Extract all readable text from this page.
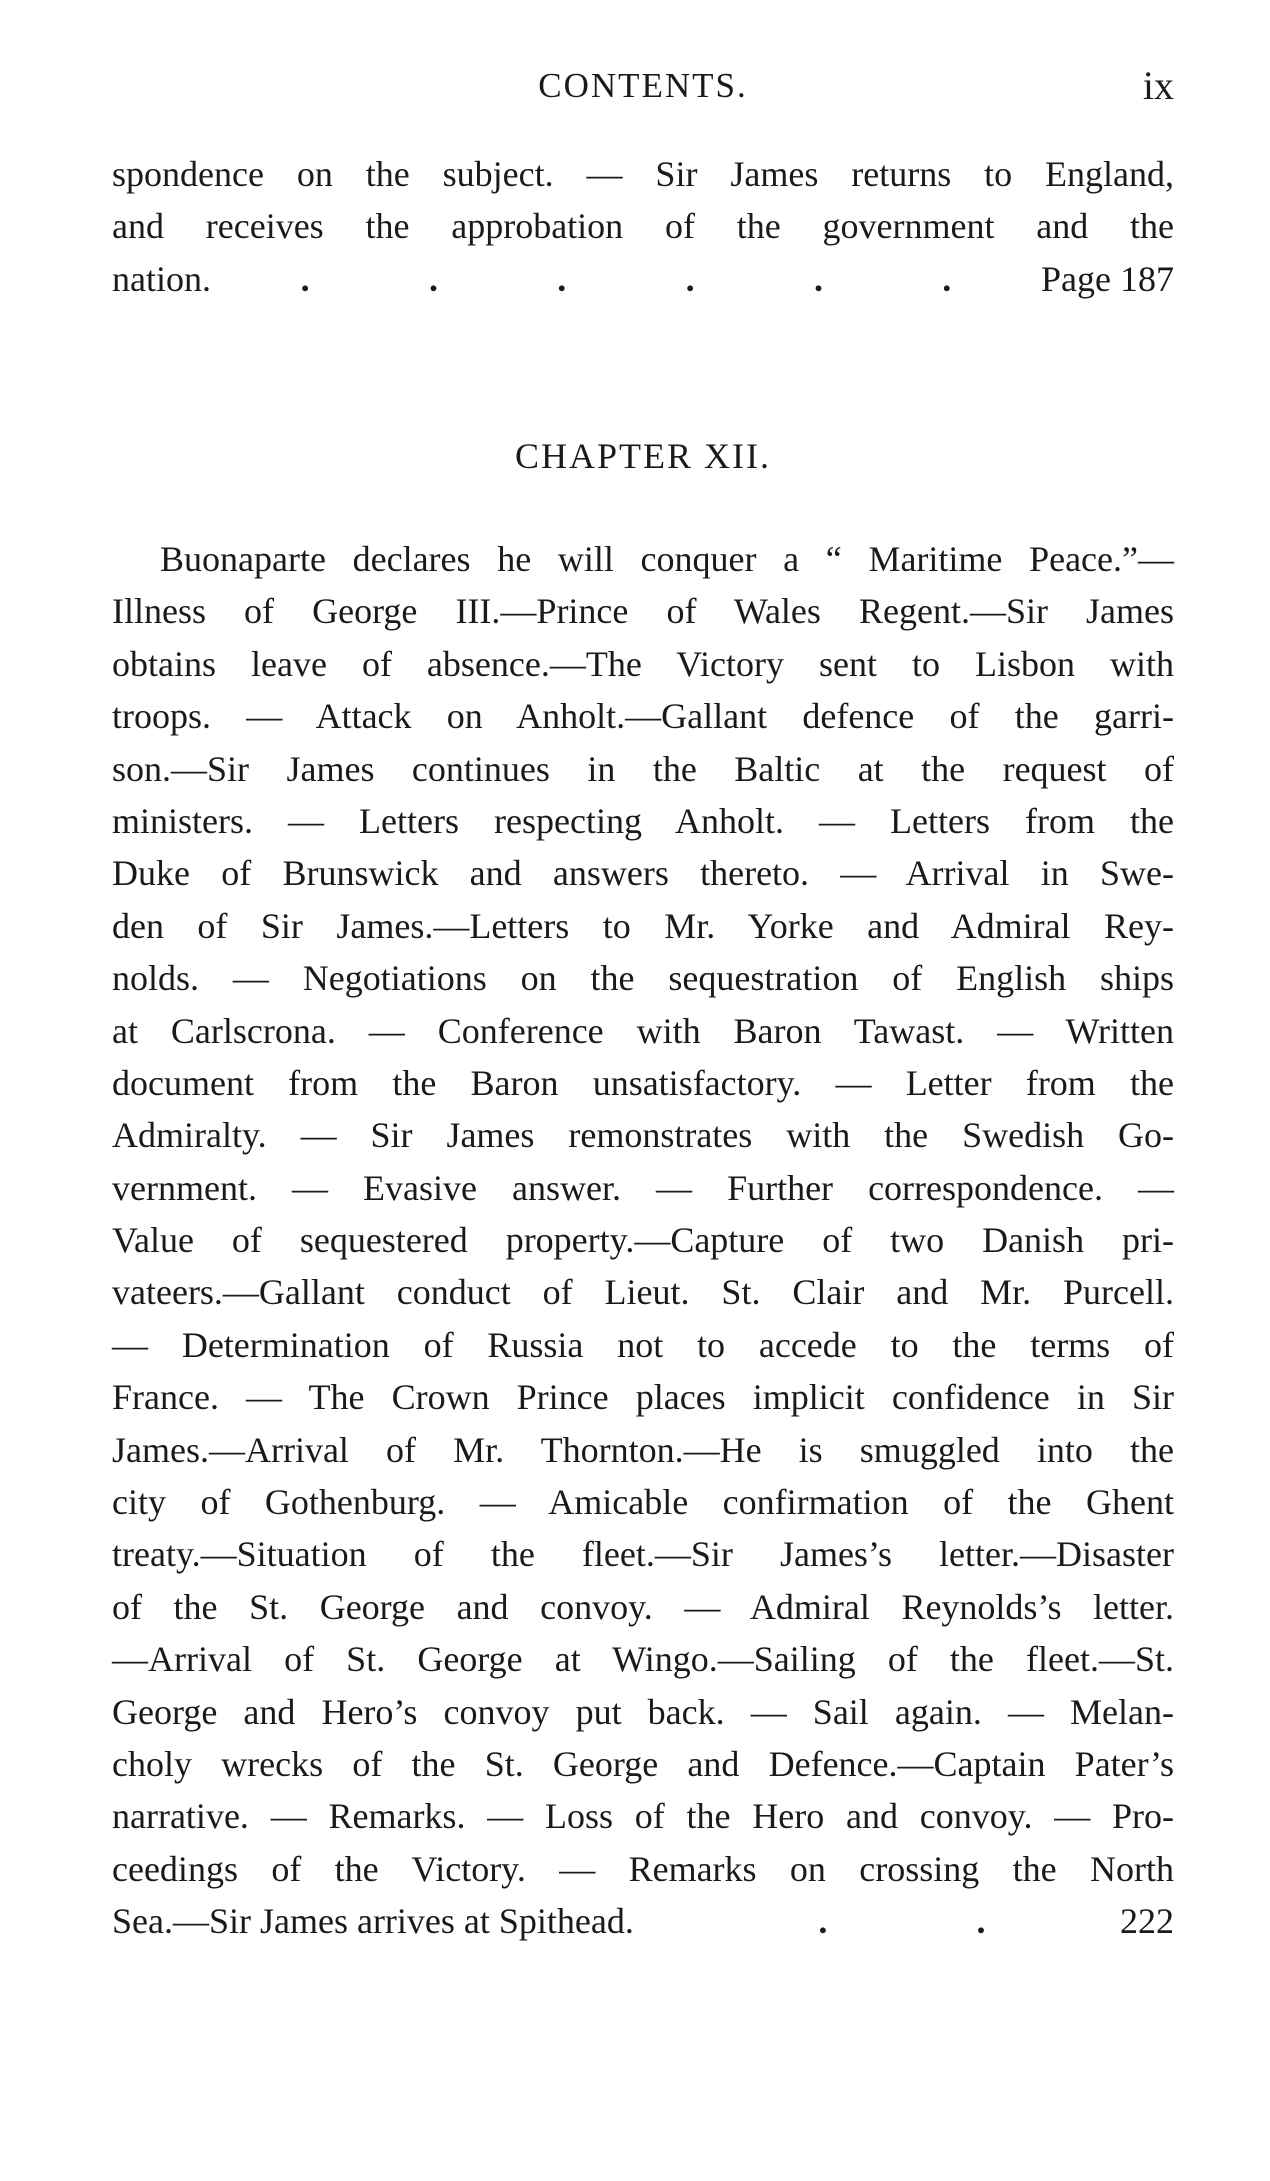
CONTENTS.	ix
spondence on the subject. — Sir James returns to England,
and receives the approbation of the government and the
nation. .	.	.	.	.	. Page 187
CHAPTER XII.
Buonaparte declares he will conquer a “ Maritime Peace.”—
Illness of George III.—Prince of Wales Regent.—Sir James
obtains leave of absence.—The Victory sent to Lisbon with
troops. — Attack on Anholt.—Gallant defence of the garri-
son.—Sir James continues in the Baltic at the request of
ministers. — Letters respecting Anholt. — Letters from the
Duke of Brunswick and answers thereto. — Arrival in Swe-
den of Sir James.—Letters to Mr. Yorke and Admiral Rey-
nolds. — Negotiations on the sequestration of English ships
at Carlscrona. — Conference with Baron Tawast. — Written
document from the Baron unsatisfactory. — Letter from the
Admiralty. — Sir James remonstrates with the Swedish Go-
vernment. — Evasive answer. — Further correspondence. —
Value of sequestered property.—Capture of two Danish pri-
vateers.—Gallant conduct of Lieut. St. Clair and Mr. Purcell.
— Determination of Russia not to accede to the terms of
France. — The Crown Prince places implicit confidence in Sir
James.—Arrival of Mr. Thornton.—He is smuggled into the
city of Gothenburg. — Amicable confirmation of the Ghent
treaty.—Situation of the fleet.—Sir James’s letter.—Disaster
of the St. George and convoy. — Admiral Reynolds’s letter.
—Arrival of St. George at Wingo.—Sailing of the fleet.—St.
George and Hero’s convoy put back. — Sail again. — Melan-
choly wrecks of the St. George and Defence.—Captain Pater’s
narrative. — Remarks. — Loss of the Hero and convoy. — Pro-
ceedings of the Victory. — Remarks on crossing the North
Sea.—Sir James arrives at Spithead.	.	.	222
